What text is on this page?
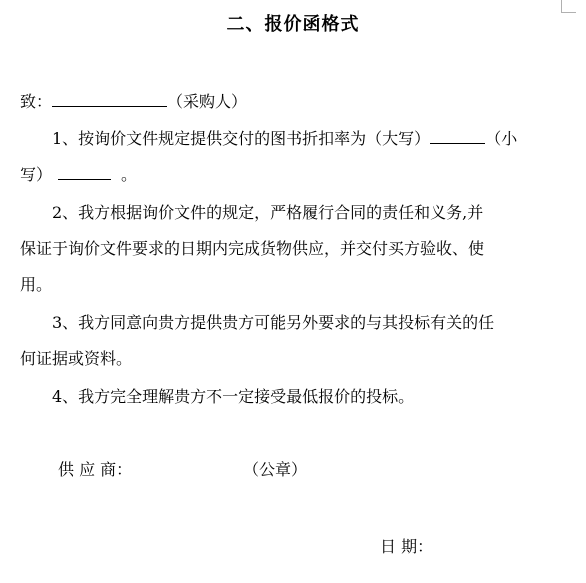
二、报价函格式
致：	（采购人）
1、按询价文件规定提供交付的图书折扣率为（大写）	（小
写）	。
2、我方根据询价文件的规定，严格履行合同的责任和义务,并
保证于询价文件要求的日期内完成货物供应，并交付买方验收、使
用。
3、我方同意向贵方提供贵方可能另外要求的与其投标有关的任
何证据或资料。
4、我方完全理解贵方不一定接受最低报价的投标。
供 应 商：	（公章）
日 期：
